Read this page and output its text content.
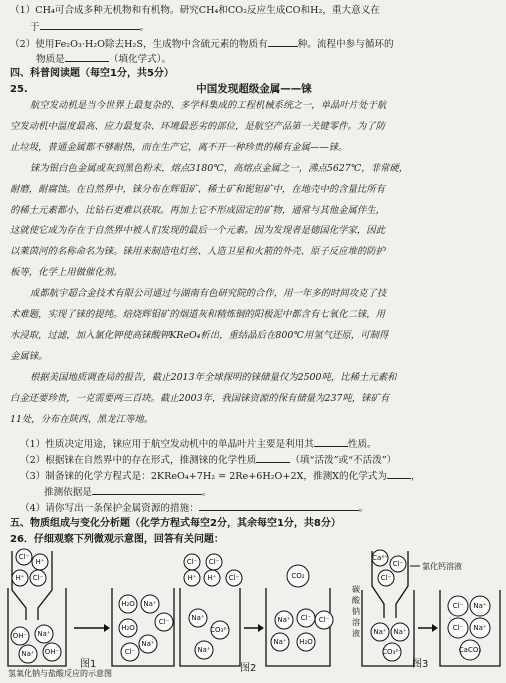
（1）CH₄可合成多种无机物和有机物。研究CH₄和CO₂反应生成CO和H₂，重大意义在
于	。
（2）使用Fe₂O₃·H₂O除去H₂S，生成物中含硫元素的物质有	种。流程中参与循环的
物质是	（填化学式）。
四、科普阅读题（每空1分，共5分）
25.	中国发现超级金属——铼
航空发动机是当今世界上最复杂的、多学科集成的工程机械系统之一，单晶叶片处于航
空发动机中温度最高、应力最复杂、环境最恶劣的部位，是航空产品第一关键零件。为了防
止垃圾，普通金属都不够耐热，而在生产它，离不开一种珍贵的稀有金属——铼。
铼为银白色金属或灰到黑色粉末，熔点3180℃，高熔点金属之一，沸点5627℃，非常硬，
耐磨，耐腐蚀。在自然界中，铼分布在辉钼矿、稀土矿和铌钽矿中，在地壳中的含量比所有
的稀土元素都小，比钻石更难以获取。再加上它不形成固定的矿物，通常与其他金属伴生，
这就使它成为存在于自然界中被人们发现的最后一个元素。因为发现者是德国化学家，因此
以莱茵河的名称命名为铼。铼用来制造电灯丝、人造卫星和火箭的外壳、原子反应堆的防护
板等，化学上用做催化剂。
成都航宇超合金技术有限公司通过与湖南有色研究院的合作，用一年多的时间攻克了技
术难题，实现了铼的提纯。焙烧辉钼矿的烟道灰和精炼铜的阳极泥中都含有七氧化二铼，用
水浸取，过滤，加入氯化钾使高铼酸钾KReO₄析出，重结晶后在800℃用氢气还原，可制得
金属铼。
根据美国地质调查局的报告，截止2013年全球探明的铼储量仅为2500吨，比稀土元素和
白金还要珍贵，一克需要两三百块。截止2003年，我国铼资源的保有储量为237吨，铼矿有
11处，分布在陕西、黑龙江等地。
（1）性质决定用途，铼应用于航空发动机中的单晶叶片主要是利用其	性质。
（2）根据铼在自然界中的存在形式，推测铼的化学性质	（填“活泼”或“不活泼”）
（3）制备铼的化学方程式是：2KReO₄+7H₂ = 2Re+6H₂O+2X，推测X的化学式为	，
推测依据是	。
（4）请你写出一条保护金属资源的措施：	。
五、物质组成与变化分析题（化学方程式每空2分，其余每空1分，共8分）
26．仔细观察下列微观示意图，回答有关问题：
Cl⁻
H⁺
H⁺ Cl⁻
OH⁻ Na⁺
Na⁺ OH⁻
H₂O Na⁺
Cl⁻
H₂O
Na⁺
Cl⁻
氢氧化钠与盐酸反应的示意图
Cl⁻ Cl⁻
H⁺ H⁺ Cl⁻
Na⁺
CO₃²⁻
Na⁺
Na⁺ Cl⁻
Na⁺ H₂O
Cl⁻
CO₂
Ca²⁺
Cl⁻
Cl⁻
氯化钙溶液
Na⁺ Na⁺
CO₃²⁻
碳酸钠溶液
Cl⁻ Na⁺
Cl⁻ Na⁺
CaCO₃
图1	图2	图3
